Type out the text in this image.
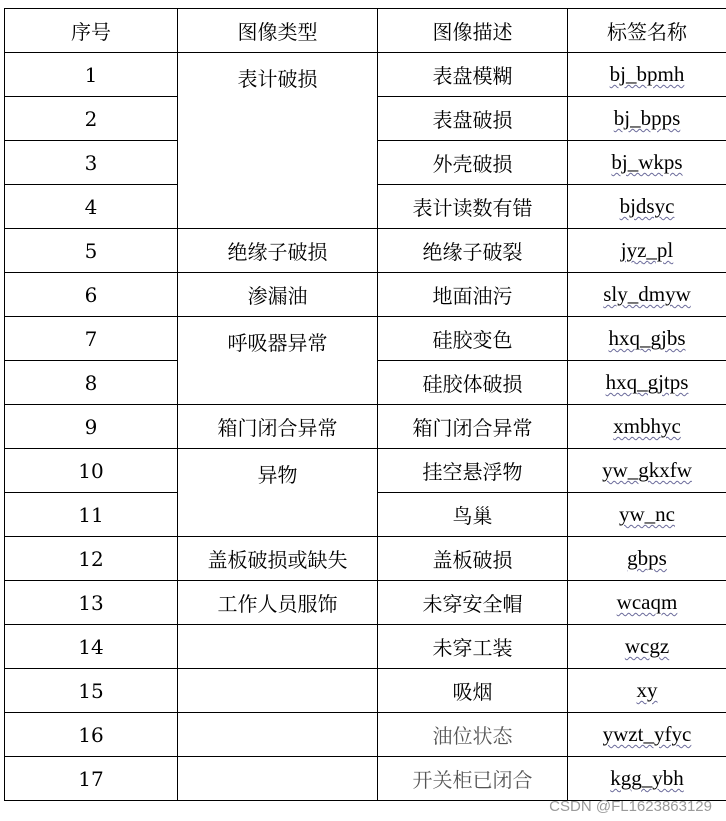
序号	图像类型	图像描述	标签名称
1	表计破损	表盘模糊	bj_bpmh
2		表盘破损	bj_bpps
3		外壳破损	bj_wkps
4		表计读数有错	bjdsyc
5	绝缘子破损	绝缘子破裂	jyz_pl
6	渗漏油	地面油污	sly_dmyw
7	呼吸器异常	硅胶变色	hxq_gjbs
8		硅胶体破损	hxq_gjtps
9	箱门闭合异常	箱门闭合异常	xmbhyc
10	异物	挂空悬浮物	yw_gkxfw
11		鸟巢	yw_nc
12	盖板破损或缺失	盖板破损	gbps
13	工作人员服饰	未穿安全帽	wcaqm
14		未穿工装	wcgz
15		吸烟	xy
16		油位状态	ywzt_yfyc
17		开关柜已闭合	kgg_ybh
CSDN @FL1623863129
